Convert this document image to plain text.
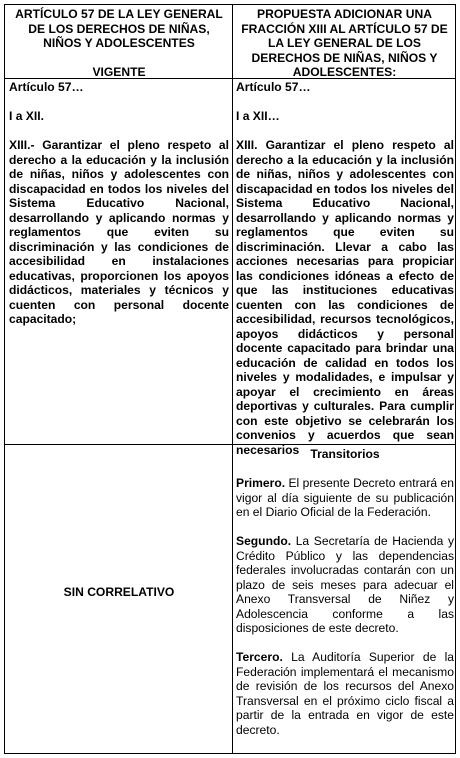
ARTÍCULO 57 DE LA LEY GENERAL DE LOS DERECHOS DE NIÑAS, NIÑOS Y ADOLESCENTES
VIGENTE
PROPUESTA ADICIONAR UNA FRACCIÓN XIII AL ARTÍCULO 57 DE LA LEY GENERAL DE LOS DERECHOS DE NIÑAS, NIÑOS Y ADOLESCENTES:

Artículo 57…

I a XII.

XIII.- Garantizar el pleno respeto al derecho a la educación y la inclusión de niñas, niños y adolescentes con discapacidad en todos los niveles del Sistema Educativo Nacional, desarrollando y aplicando normas y reglamentos que eviten su discriminación y las condiciones de accesibilidad en instalaciones educativas, proporcionen los apoyos didácticos, materiales y técnicos y cuenten con personal docente capacitado;

Artículo 57…

I a XII…

XIII. Garantizar el pleno respeto al derecho a la educación y la inclusión de niñas, niños y adolescentes con discapacidad en todos los niveles del Sistema Educativo Nacional, desarrollando y aplicando normas y reglamentos que eviten su discriminación. Llevar a cabo las acciones necesarias para propiciar las condiciones idóneas a efecto de que las instituciones educativas cuenten con las condiciones de accesibilidad, recursos tecnológicos, apoyos didácticos y personal docente capacitado para brindar una educación de calidad en todos los niveles y modalidades, e impulsar y apoyar el crecimiento en áreas deportivas y culturales. Para cumplir con este objetivo se celebrarán los convenios y acuerdos que sean necesarios

SIN CORRELATIVO

Transitorios

Primero. El presente Decreto entrará en vigor al día siguiente de su publicación en el Diario Oficial de la Federación.

Segundo. La Secretaría de Hacienda y Crédito Público y las dependencias federales involucradas contarán con un plazo de seis meses para adecuar el Anexo Transversal de Niñez y Adolescencia conforme a las disposiciones de este decreto.

Tercero. La Auditoría Superior de la Federación implementará el mecanismo de revisión de los recursos del Anexo Transversal en el próximo ciclo fiscal a partir de la entrada en vigor de este decreto.
